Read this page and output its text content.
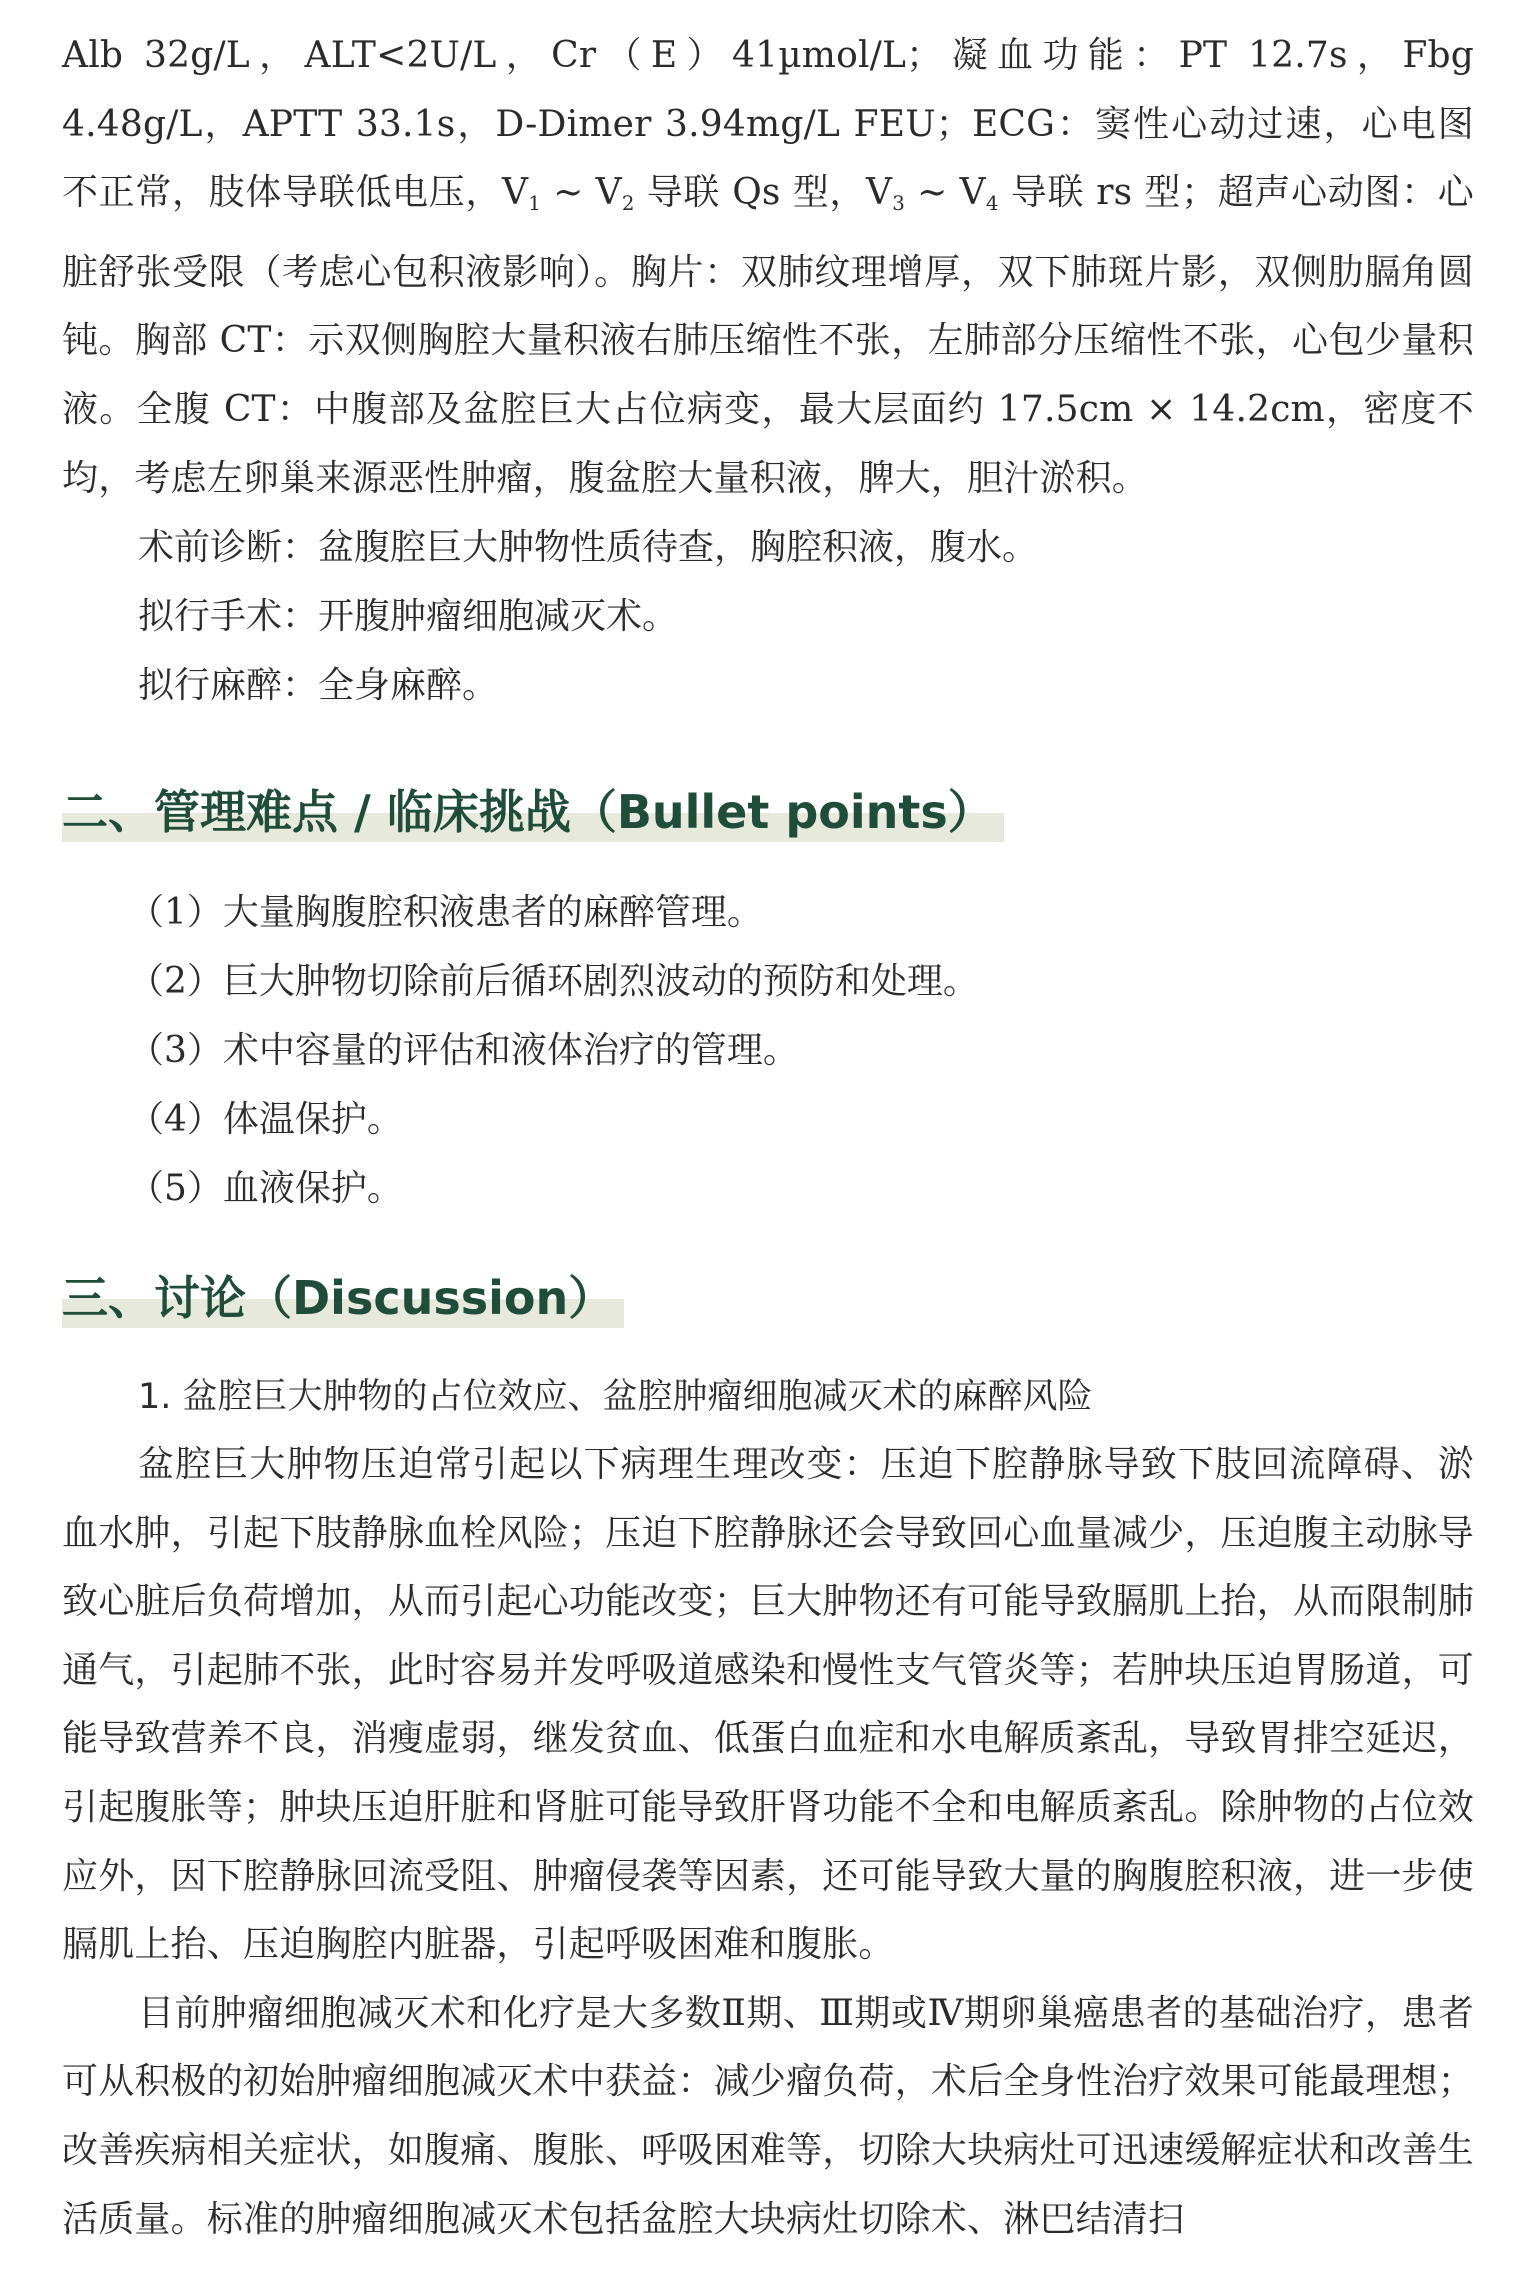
Alb 32g/L，ALT<2U/L，Cr（E）41µmol/L；凝血功能：PT 12.7s，Fbg 4.48g/L，APTT 33.1s，D-Dimer 3.94mg/L FEU；ECG：窦性心动过速，心电图不正常，肢体导联低电压，$V_1$ ~ $V_2$ 导联 Qs 型，$V_3$ ~ $V_4$ 导联 rs 型；超声心动图：心脏舒张受限（考虑心包积液影响）。胸片：双肺纹理增厚，双下肺斑片影，双侧肋膈角圆钝。胸部 CT：示双侧胸腔大量积液右肺压缩性不张，左肺部分压缩性不张，心包少量积液。全腹 CT：中腹部及盆腔巨大占位病变，最大层面约 17.5cm × 14.2cm，密度不均，考虑左卵巢来源恶性肿瘤，腹盆腔大量积液，脾大，胆汁淤积。

术前诊断：盆腹腔巨大肿物性质待查，胸腔积液，腹水。

拟行手术：开腹肿瘤细胞减灭术。

拟行麻醉：全身麻醉。

二、管理难点 / 临床挑战（Bullet points）

（1）大量胸腹腔积液患者的麻醉管理。

（2）巨大肿物切除前后循环剧烈波动的预防和处理。

（3）术中容量的评估和液体治疗的管理。

（4）体温保护。

（5）血液保护。

三、讨论（Discussion）

1. 盆腔巨大肿物的占位效应、盆腔肿瘤细胞减灭术的麻醉风险

盆腔巨大肿物压迫常引起以下病理生理改变：压迫下腔静脉导致下肢回流障碍、淤血水肿，引起下肢静脉血栓风险；压迫下腔静脉还会导致回心血量减少，压迫腹主动脉导致心脏后负荷增加，从而引起心功能改变；巨大肿物还有可能导致膈肌上抬，从而限制肺通气，引起肺不张，此时容易并发呼吸道感染和慢性支气管炎等；若肿块压迫胃肠道，可能导致营养不良，消瘦虚弱，继发贫血、低蛋白血症和水电解质紊乱，导致胃排空延迟，引起腹胀等；肿块压迫肝脏和肾脏可能导致肝肾功能不全和电解质紊乱。除肿物的占位效应外，因下腔静脉回流受阻、肿瘤侵袭等因素，还可能导致大量的胸腹腔积液，进一步使膈肌上抬、压迫胸腔内脏器，引起呼吸困难和腹胀。

目前肿瘤细胞减灭术和化疗是大多数Ⅱ期、Ⅲ期或Ⅳ期卵巢癌患者的基础治疗，患者可从积极的初始肿瘤细胞减灭术中获益：减少瘤负荷，术后全身性治疗效果可能最理想；改善疾病相关症状，如腹痛、腹胀、呼吸困难等，切除大块病灶可迅速缓解症状和改善生活质量。标准的肿瘤细胞减灭术包括盆腔大块病灶切除术、淋巴结清扫
